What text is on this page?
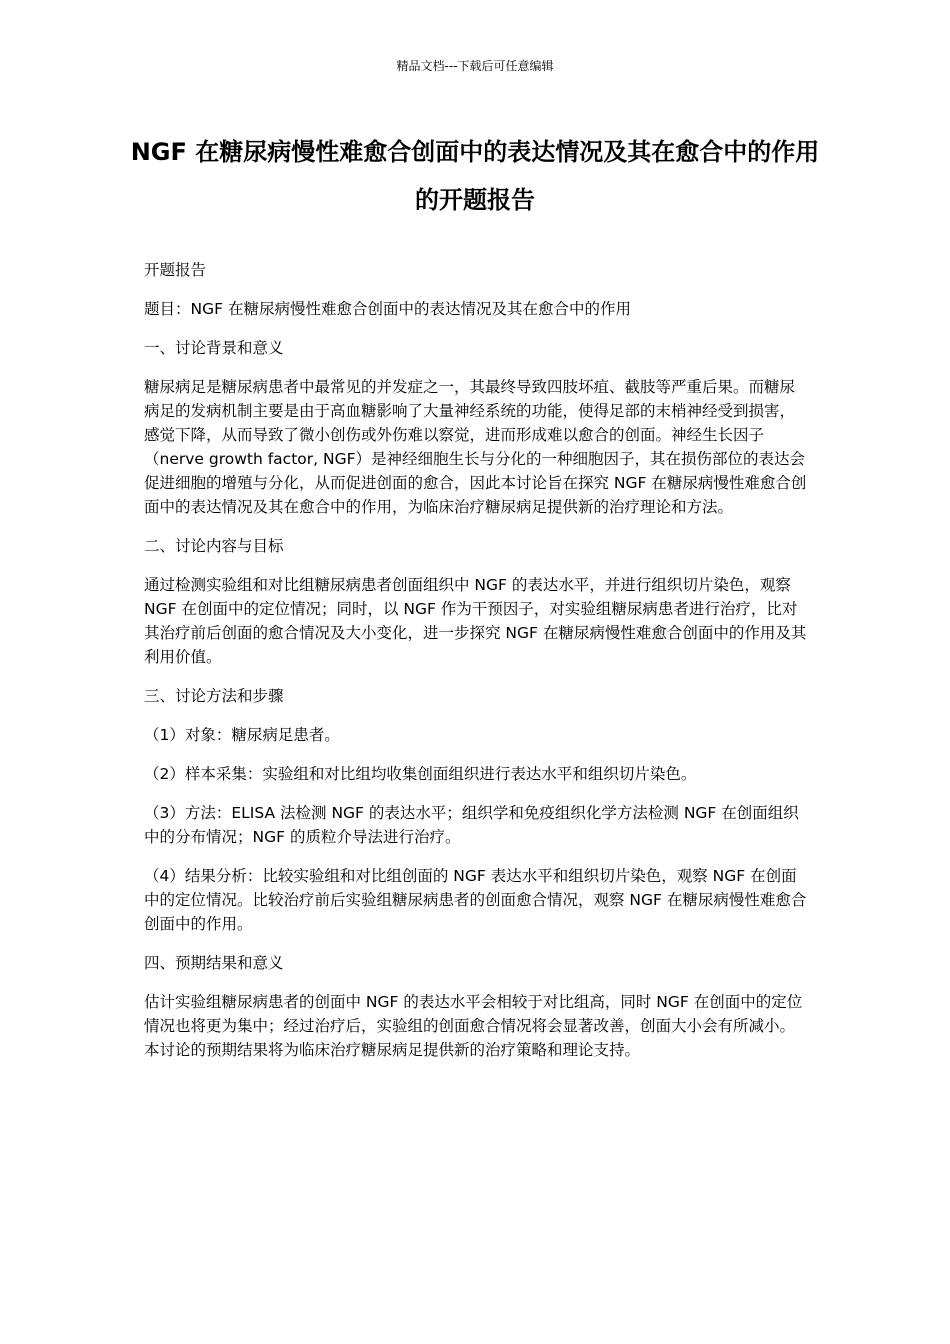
精品文档---下载后可任意编辑
NGF 在糖尿病慢性难愈合创面中的表达情况及其在愈合中的作用的开题报告

开题报告

题目：NGF 在糖尿病慢性难愈合创面中的表达情况及其在愈合中的作用

一、讨论背景和意义

糖尿病足是糖尿病患者中最常见的并发症之一，其最终导致四肢坏疽、截肢等严重后果。而糖尿病足的发病机制主要是由于高血糖影响了大量神经系统的功能，使得足部的末梢神经受到损害，感觉下降，从而导致了微小创伤或外伤难以察觉，进而形成难以愈合的创面。神经生长因子（nerve growth factor, NGF）是神经细胞生长与分化的一种细胞因子，其在损伤部位的表达会促进细胞的增殖与分化，从而促进创面的愈合，因此本讨论旨在探究 NGF 在糖尿病慢性难愈合创面中的表达情况及其在愈合中的作用，为临床治疗糖尿病足提供新的治疗理论和方法。

二、讨论内容与目标

通过检测实验组和对比组糖尿病患者创面组织中 NGF 的表达水平，并进行组织切片染色，观察 NGF 在创面中的定位情况；同时，以 NGF 作为干预因子，对实验组糖尿病患者进行治疗，比对其治疗前后创面的愈合情况及大小变化，进一步探究 NGF 在糖尿病慢性难愈合创面中的作用及其利用价值。

三、讨论方法和步骤

（1）对象：糖尿病足患者。

（2）样本采集：实验组和对比组均收集创面组织进行表达水平和组织切片染色。

（3）方法：ELISA 法检测 NGF 的表达水平；组织学和免疫组织化学方法检测 NGF 在创面组织中的分布情况；NGF 的质粒介导法进行治疗。

（4）结果分析：比较实验组和对比组创面的 NGF 表达水平和组织切片染色，观察 NGF 在创面中的定位情况。比较治疗前后实验组糖尿病患者的创面愈合情况，观察 NGF 在糖尿病慢性难愈合创面中的作用。

四、预期结果和意义

估计实验组糖尿病患者的创面中 NGF 的表达水平会相较于对比组高，同时 NGF 在创面中的定位情况也将更为集中；经过治疗后，实验组的创面愈合情况将会显著改善，创面大小会有所减小。本讨论的预期结果将为临床治疗糖尿病足提供新的治疗策略和理论支持。
